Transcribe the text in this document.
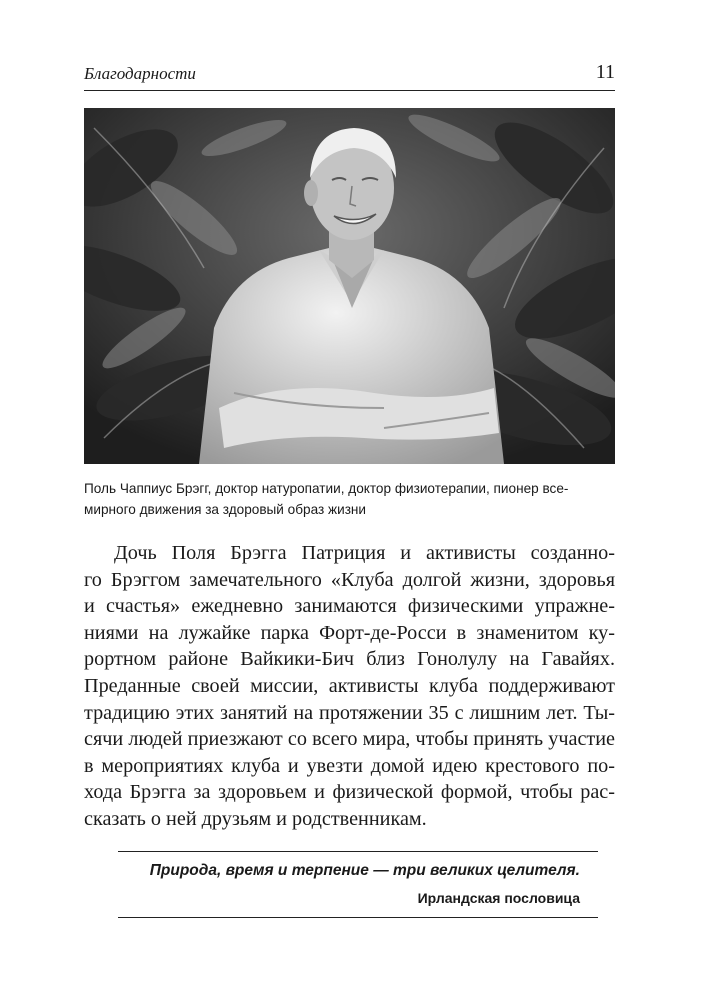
Благодарности	11
Поль Чаппиус Брэгг, доктор натуропатии, доктор физиотерапии, пионер все-
мирного движения за здоровый образ жизни
Дочь Поля Брэгга Патриция и активисты созданно-
го Брэггом замечательного «Клуба долгой жизни, здоровья
и счастья» ежедневно занимаются физическими упражне-
ниями на лужайке парка Форт-де-Росси в знаменитом ку-
рортном районе Вайкики-Бич близ Гонолулу на Гавайях.
Преданные своей миссии, активисты клуба поддерживают
традицию этих занятий на протяжении 35 с лишним лет. Ты-
сячи людей приезжают со всего мира, чтобы принять участие
в мероприятиях клуба и увезти домой идею крестового по-
хода Брэгга за здоровьем и физической формой, чтобы рас-
сказать о ней друзьям и родственникам.
Природа, время и терпение — три великих целителя.
Ирландская пословица
